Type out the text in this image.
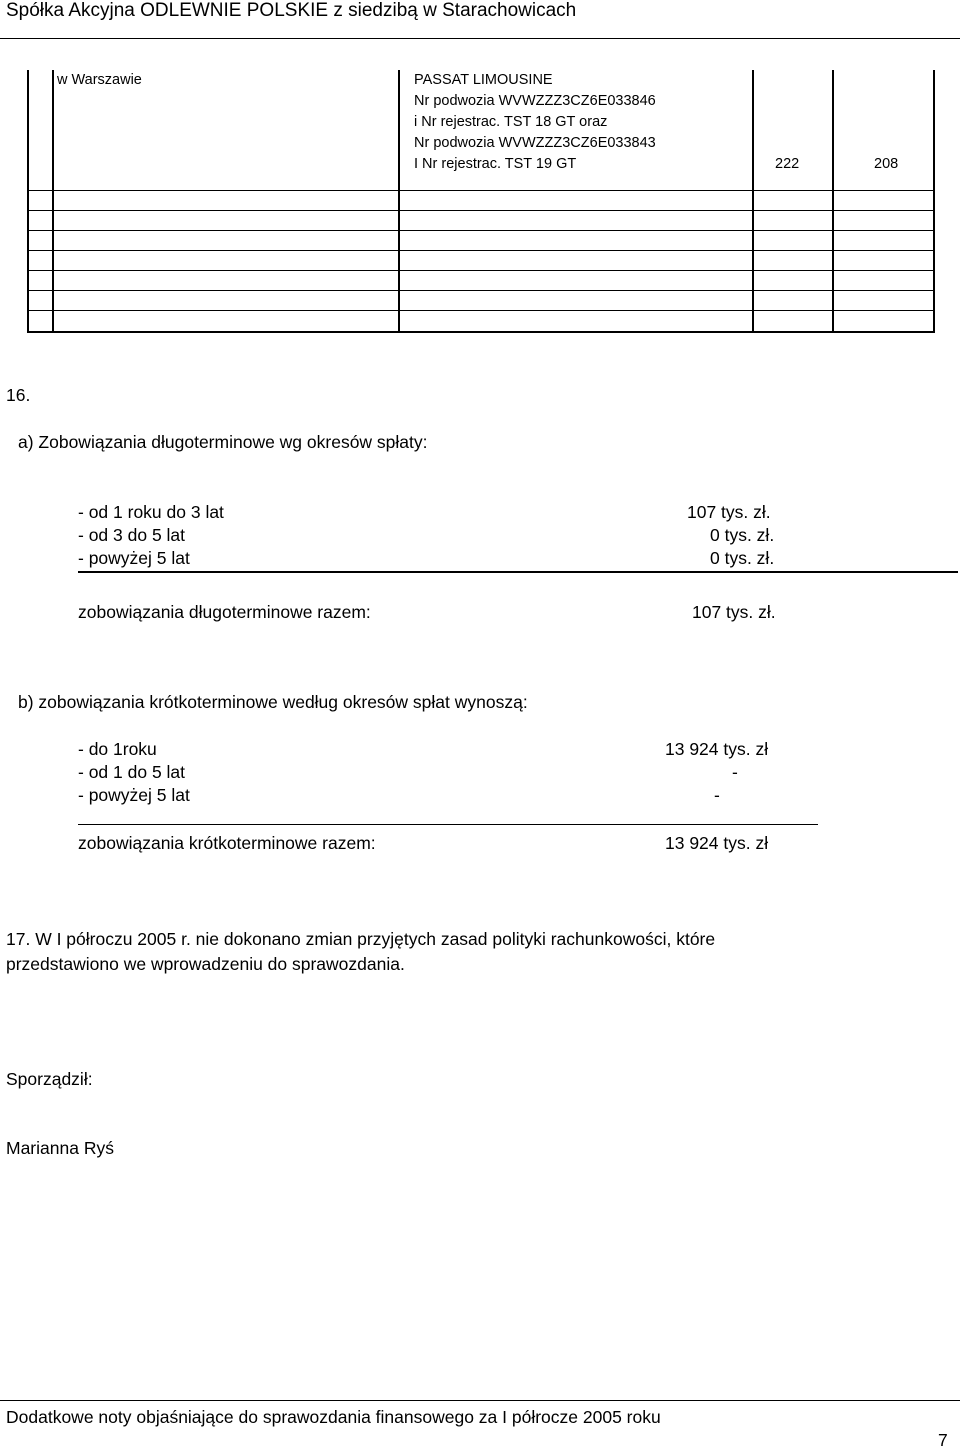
Spółka Akcyjna ODLEWNIE POLSKIE z siedzibą w Starachowicach
w Warszawie	PASSAT LIMOUSINE
Nr podwozia WVWZZZ3CZ6E033846
i Nr rejestrac. TST 18 GT oraz
Nr podwozia WVWZZZ3CZ6E033843
I Nr rejestrac. TST 19 GT	222	208
16.
a) Zobowiązania długoterminowe wg okresów spłaty:
- od 1 roku do 3 lat	107 tys. zł.
- od 3 do 5 lat	0 tys. zł.
- powyżej 5 lat	0 tys. zł.
zobowiązania długoterminowe razem:	107 tys. zł.
b) zobowiązania krótkoterminowe według okresów spłat wynoszą:
- do 1roku	13 924 tys. zł
- od 1 do 5 lat	-
- powyżej 5 lat	-
zobowiązania krótkoterminowe razem:	13 924 tys. zł
17. W I półroczu 2005 r. nie dokonano zmian przyjętych zasad polityki rachunkowości, które
przedstawiono we wprowadzeniu do sprawozdania.
Sporządził:
Marianna Ryś
Dodatkowe noty objaśniające do sprawozdania finansowego za I półrocze 2005 roku
7
